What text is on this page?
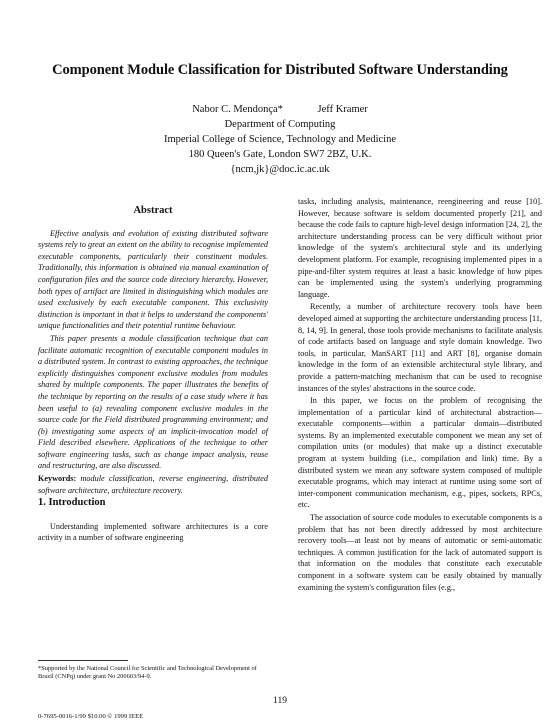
Component Module Classification for Distributed Software Understanding
Nabor C. Mendonça*	Jeff Kramer
Department of Computing
Imperial College of Science, Technology and Medicine
180 Queen's Gate, London SW7 2BZ, U.K.
{ncm,jk}@doc.ic.ac.uk
Abstract

Effective analysis and evolution of existing distributed software systems rely to great an extent on the ability to recognise implemented executable components, particularly their constituent modules. Traditionally, this information is obtained via manual examination of configuration files and the source code directory hierarchy. However, both types of artifact are limited in distinguishing which modules are used exclusively by each executable component. This exclusivity distinction is important in that it helps to understand the components' unique functionalities and their potential runtime behaviour.

This paper presents a module classification technique that can facilitate automatic recognition of executable component modules in a distributed system. In contrast to existing approaches, the technique explicitly distinguishes component exclusive modules from modules shared by multiple components. The paper illustrates the benefits of the technique by reporting on the results of a case study where it has been useful to (a) revealing component exclusive modules in the source code for the Field distributed programming environment; and (b) investigating some aspects of an implicit-invocation model of Field described elsewhere. Applications of the technique to other software engineering tasks, such as change impact analysis, reuse and restructuring, are also discussed.

Keywords: module classification, reverse engineering, distributed software architecture, architecture recovery.

1. Introduction

Understanding implemented software architectures is a core activity in a number of software engineering

*Supported by the National Council for Scientific and Technological Development of Brazil (CNPq) under grant No 200603/94-9.

tasks, including analysis, maintenance, reengineering and reuse [10]. However, because software is seldom documented properly [21], and because the code fails to capture high-level design information [24, 2], the architecture understanding process can be very difficult without prior knowledge of the system's architectural style and its underlying development platform. For example, recognising implemented pipes in a pipe-and-filter system requires at least a basic knowledge of how pipes can be implemented using the system's underlying programming language.

Recently, a number of architecture recovery tools have been developed aimed at supporting the architecture understanding process [11, 8, 14, 9]. In general, those tools provide mechanisms to facilitate analysis of code artifacts based on language and style domain knowledge. Two tools, in particular, ManSART [11] and ART [8], organise domain knowledge in the form of an extensible architectural style library, and provide a pattern-matching mechanism that can be used to recognise instances of the styles' abstractions in the source code.

In this paper, we focus on the problem of recognising the implementation of a particular kind of architectural abstraction—executable components—within a particular domain—distributed systems. By an implemented executable component we mean any set of compilation units (or modules) that make up a distinct executable program at system building (i.e., compilation and link) time. By a distributed system we mean any software system composed of multiple executable programs, which may interact at runtime using some sort of inter-component communication mechanism, e.g., pipes, sockets, RPCs, etc.

The association of source code modules to executable components is a problem that has not been directly addressed by most architecture recovery tools—at least not by means of automatic or semi-automatic techniques. A common justification for the lack of automated support is that information on the modules that constitute each executable component in a software system can be easily obtained by manually examining the system's configuration files (e.g.,

119
0-7695-0016-1/99 $10.00 © 1999 IEEE
